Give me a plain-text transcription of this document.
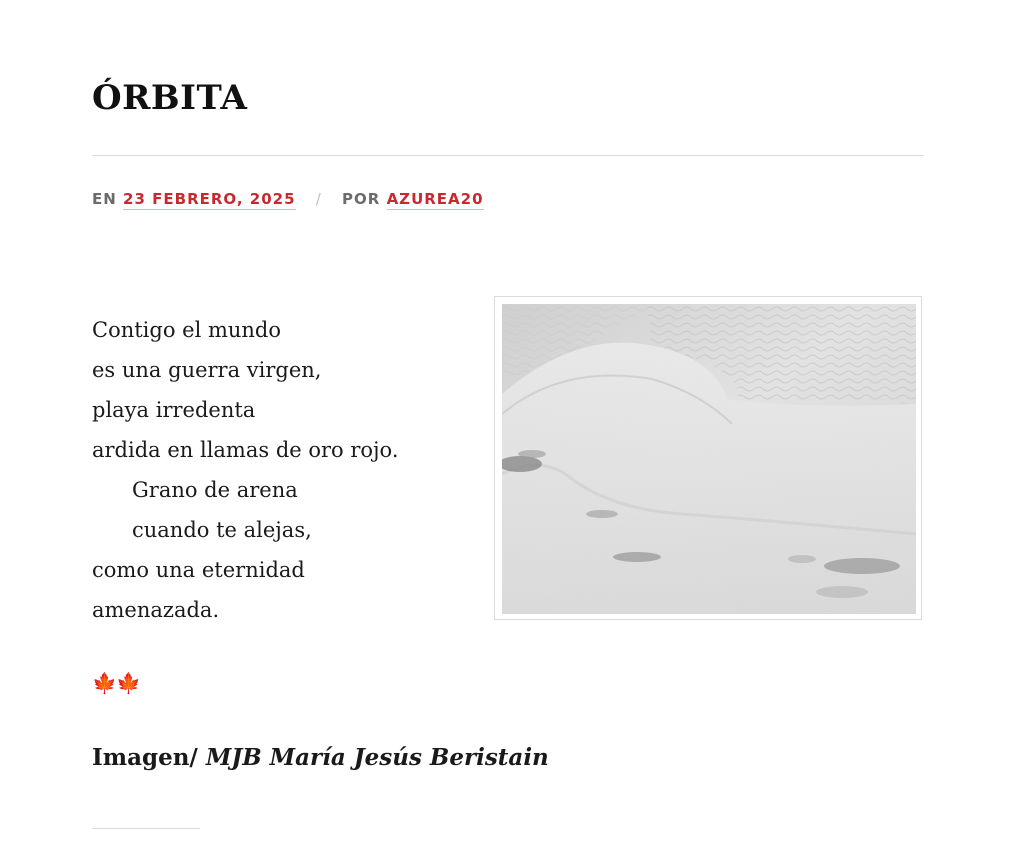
ÓRBITA
EN 23 FEBRERO, 2025 / POR AZUREA20
Contigo el mundo
es una guerra virgen,
playa irredenta
ardida en llamas de oro rojo.
Grano de arena
cuando te alejas,
como una eternidad
amenazada.
🍁🍁
Imagen/ MJB María Jesús Beristain
